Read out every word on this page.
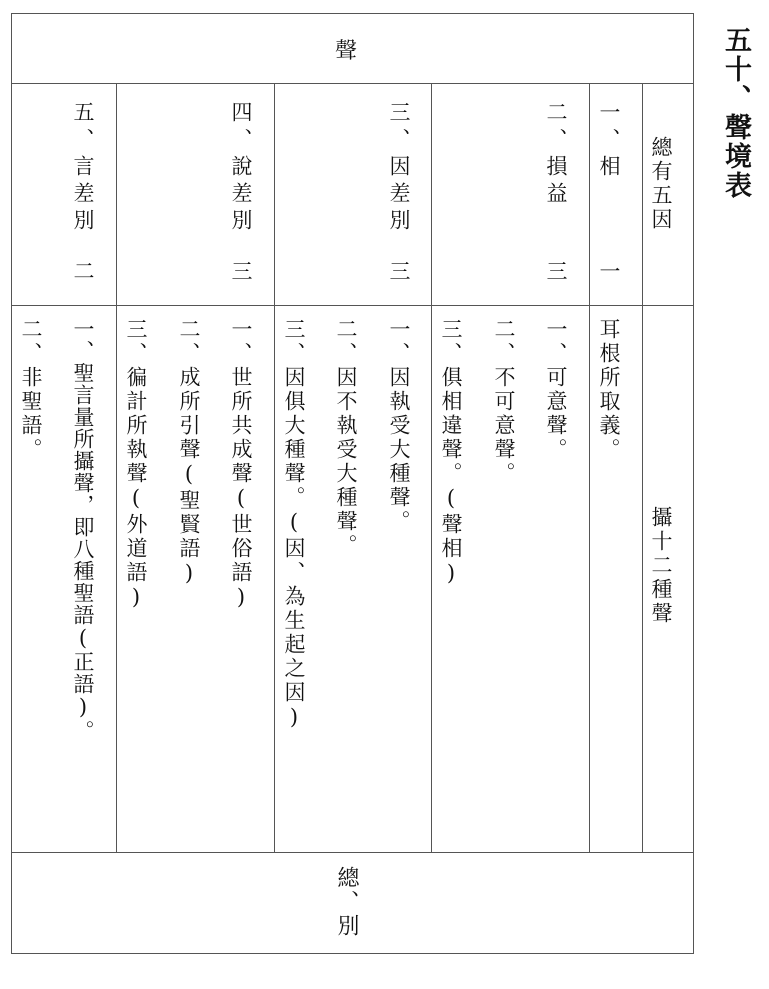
五十、聲境表
聲
總有五因
攝十二種聲
一、相
一
耳根所取義。
二、損益
三
一、可意聲。
二、不可意聲。
三、俱相違聲。(聲相)
三、因差別
三
一、因執受大種聲。
二、因不執受大種聲。
三、因俱大種聲。(因、為生起之因)
四、說差別
三
一、世所共成聲(世俗語)
二、成所引聲(聖賢語)
三、徧計所執聲(外道語)
五、言差別
二
一、聖言量所攝聲，即八種聖語(正語)。
二、非聖語。
總、別
